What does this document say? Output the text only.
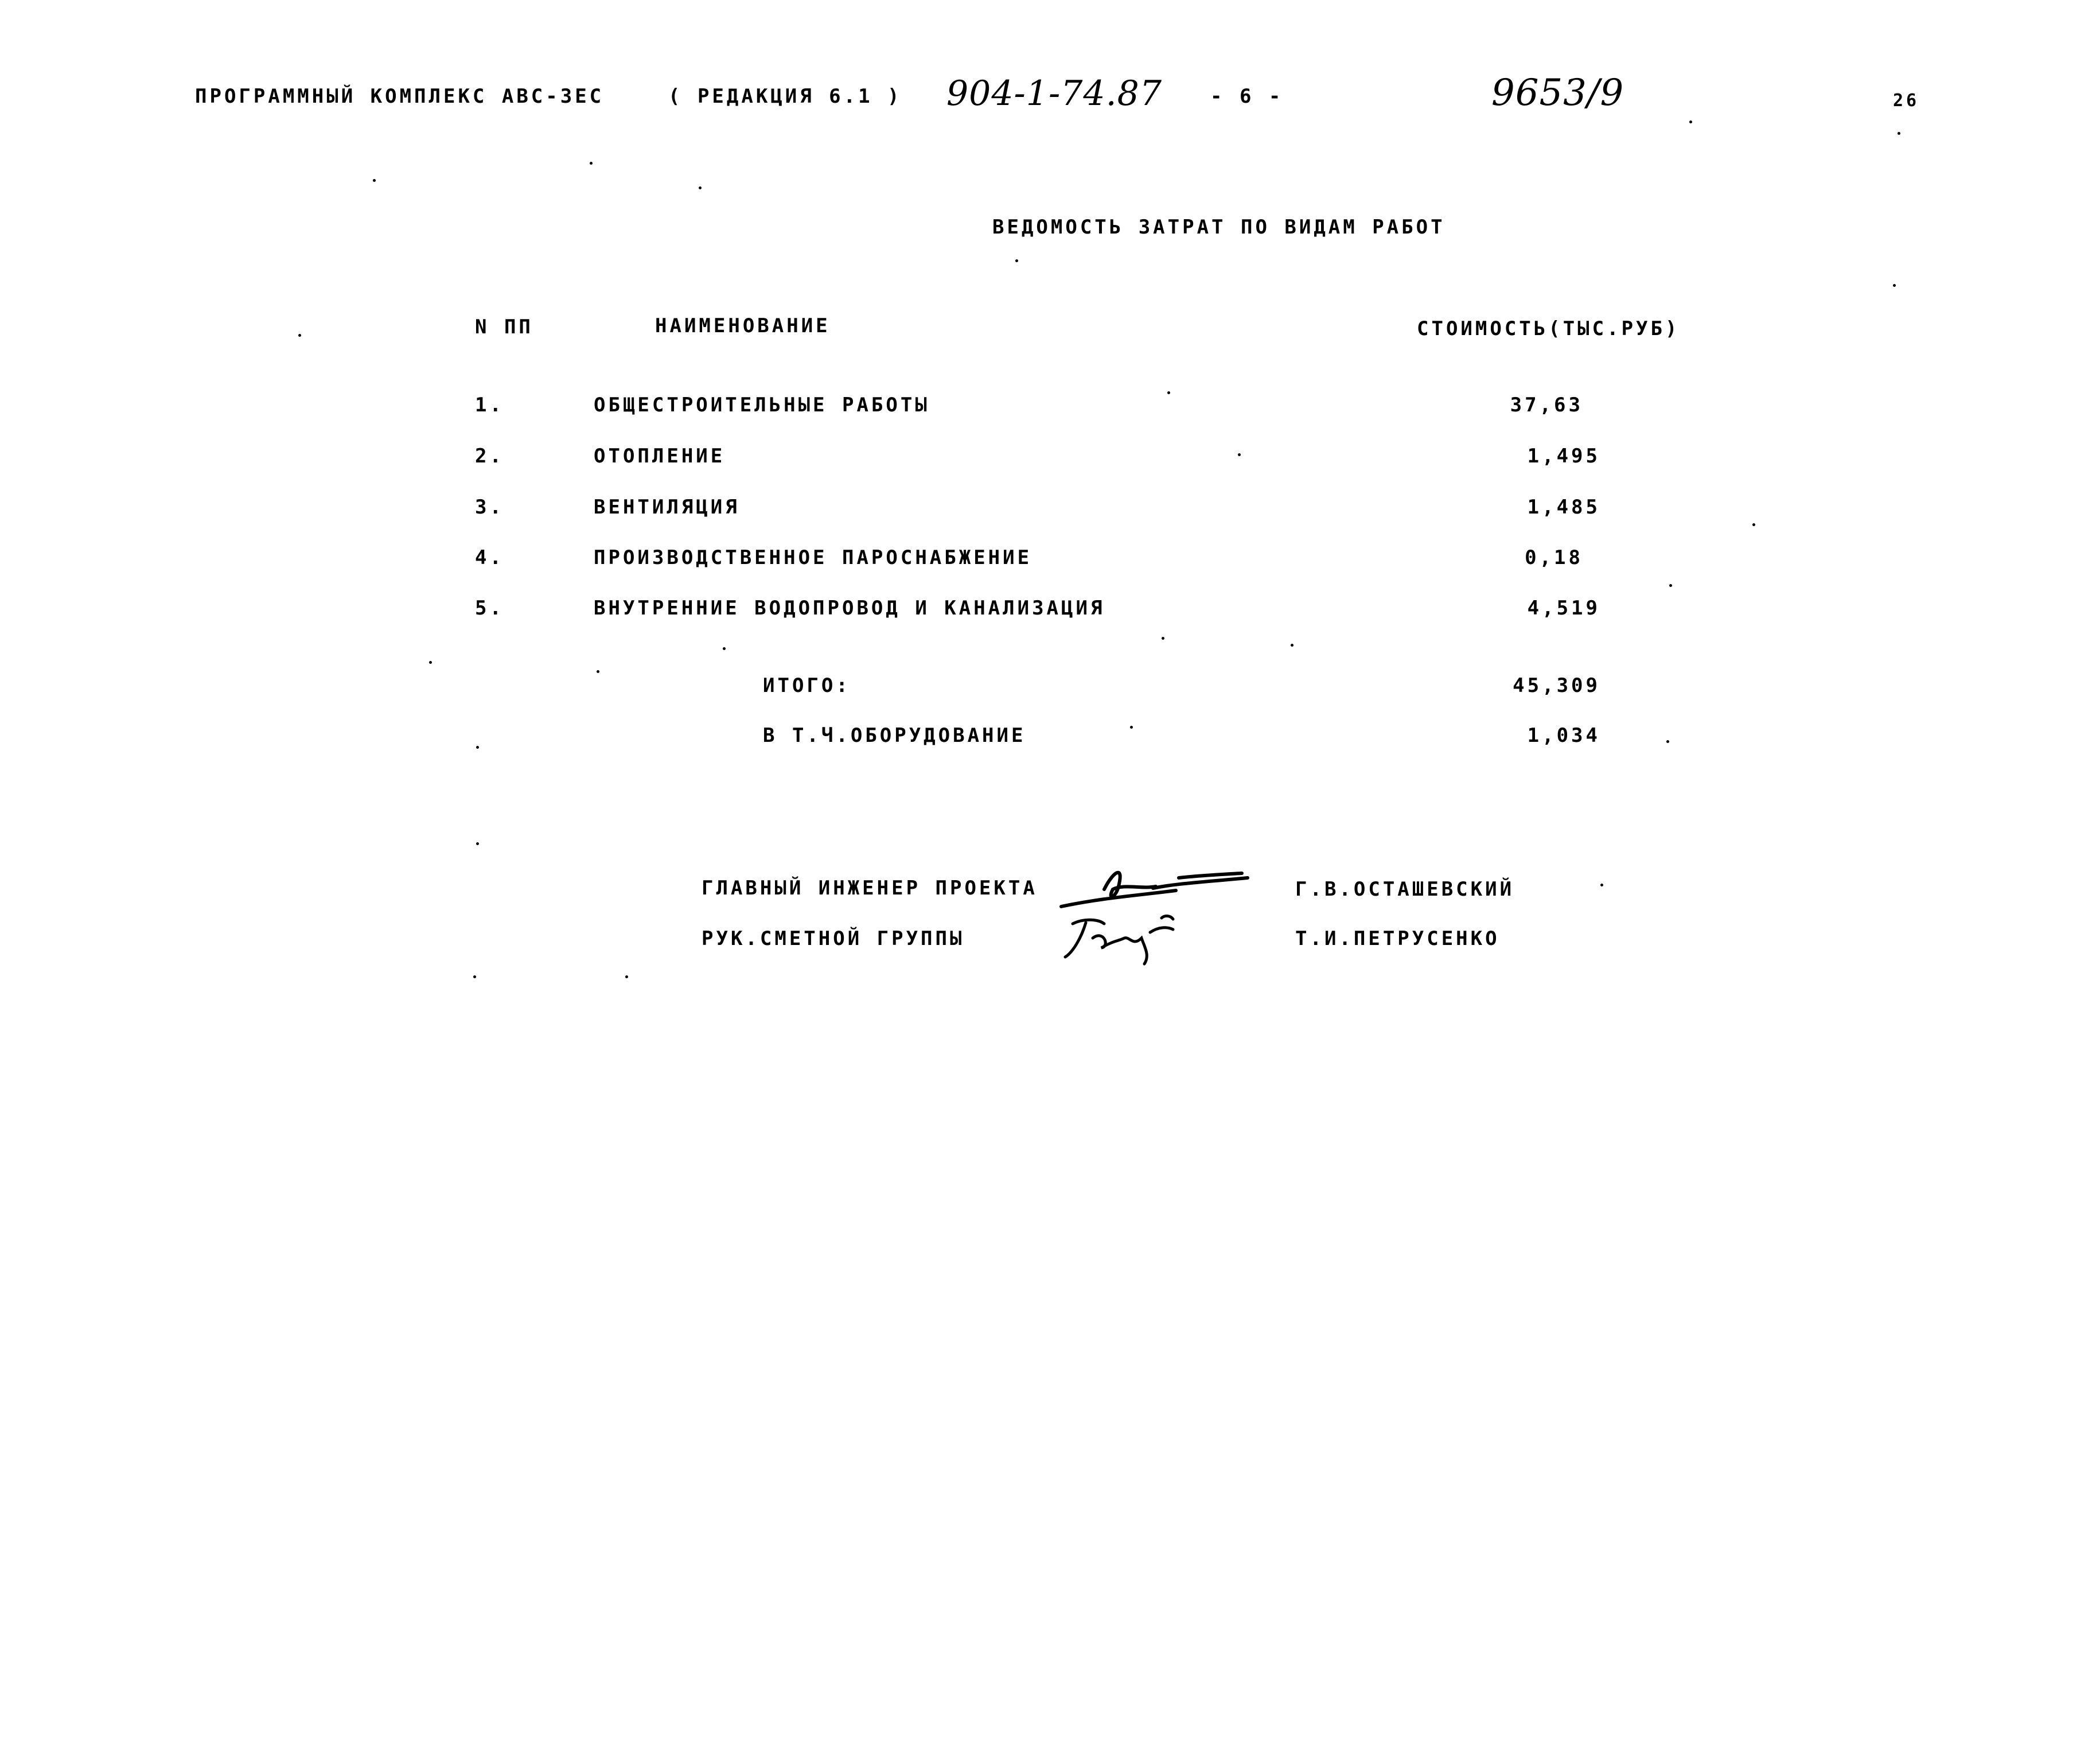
ПРОГРАММНЫЙ КОМПЛЕКС АВС-3ЕС	( РЕДАКЦИЯ 6.1 ) 904-1-74.87 - 6 -	9653/9	26
ВЕДОМОСТЬ ЗАТРАТ ПО ВИДАМ РАБОТ
N ПП	НАИМЕНОВАНИЕ	СТОИМОСТЬ(ТЫС.РУБ)
1.	ОБЩЕСТРОИТЕЛЬНЫЕ РАБОТЫ	37,63
2.	ОТОПЛЕНИЕ	1,495
3.	ВЕНТИЛЯЦИЯ	1,485
4.	ПРОИЗВОДСТВЕННОЕ ПАРОСНАБЖЕНИЕ	0,18
5.	ВНУТРЕННИЕ ВОДОПРОВОД И КАНАЛИЗАЦИЯ	4,519
ИТОГО:	45,309
В Т.Ч.ОБОРУДОВАНИЕ	1,034
ГЛАВНЫЙ ИНЖЕНЕР ПРОЕКТА	Г.В.ОСТАШЕВСКИЙ
РУК.СМЕТНОЙ ГРУППЫ	Т.И.ПЕТРУСЕНКО
